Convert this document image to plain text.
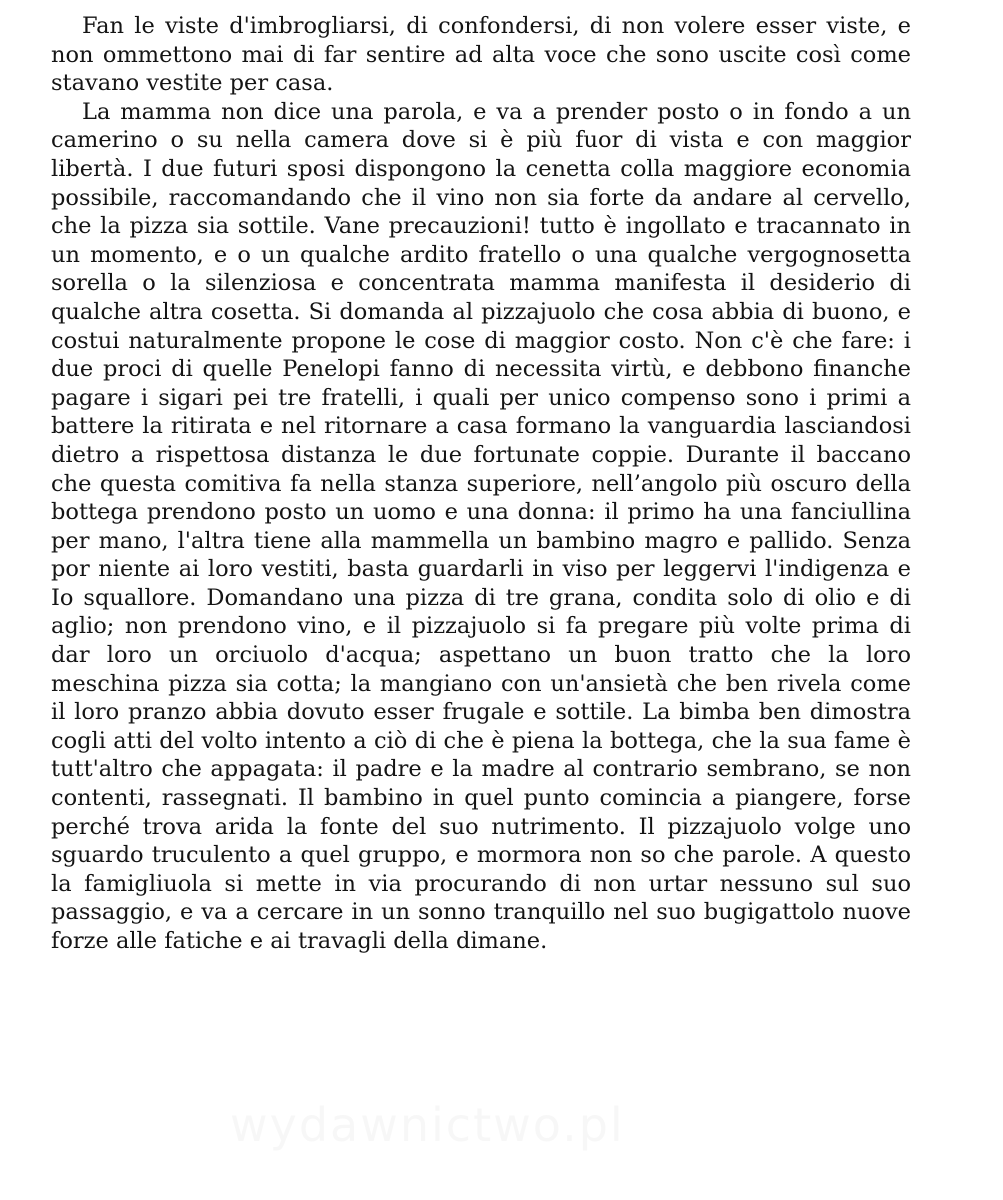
Fan le viste d'imbrogliarsi, di confondersi, di non volere esser viste, e non ommettono mai di far sentire ad alta voce che sono uscite così come stavano vestite per casa.

La mamma non dice una parola, e va a prender posto o in fondo a un camerino o su nella camera dove si è più fuor di vista e con maggior libertà. I due futuri sposi dispongono la cenetta colla maggiore economia possibile, raccomandando che il vino non sia forte da andare al cervello, che la pizza sia sottile. Vane precauzioni! tutto è ingollato e tracannato in un momento, e o un qualche ardito fratello o una qualche vergognosetta sorella o la silenziosa e concentrata mamma manifesta il desiderio di qualche altra cosetta. Si domanda al pizzajuolo che cosa abbia di buono, e costui naturalmente propone le cose di maggior costo. Non c'è che fare: i due proci di quelle Penelopi fanno di necessita virtù, e debbono finanche pagare i sigari pei tre fratelli, i quali per unico compenso sono i primi a battere la ritirata e nel ritornare a casa formano la vanguardia lasciandosi dietro a rispettosa distanza le due fortunate coppie. Durante il baccano che questa comitiva fa nella stanza superiore, nell’angolo più oscuro della bottega prendono posto un uomo e una donna: il primo ha una fanciullina per mano, l'altra tiene alla mammella un bambino magro e pallido. Senza por niente ai loro vestiti, basta guardarli in viso per leggervi l'indigenza e Io squallore. Domandano una pizza di tre grana, condita solo di olio e di aglio; non prendono vino, e il pizzajuolo si fa pregare più volte prima di dar loro un orciuolo d'acqua; aspettano un buon tratto che la loro meschina pizza sia cotta; la mangiano con un'ansietà che ben rivela come il loro pranzo abbia dovuto esser frugale e sottile. La bimba ben dimostra cogli atti del volto intento a ciò di che è piena la bottega, che la sua fame è tutt'altro che appagata: il padre e la madre al contrario sembrano, se non contenti, rassegnati. Il bambino in quel punto comincia a piangere, forse perché trova arida la fonte del suo nutrimento. Il pizzajuolo volge uno sguardo truculento a quel gruppo, e mormora non so che parole. A questo la famigliuola si mette in via procurando di non urtar nessuno sul suo passaggio, e va a cercare in un sonno tranquillo nel suo bugigattolo nuove forze alle fatiche e ai travagli della dimane.

wydawnictwo.pl
